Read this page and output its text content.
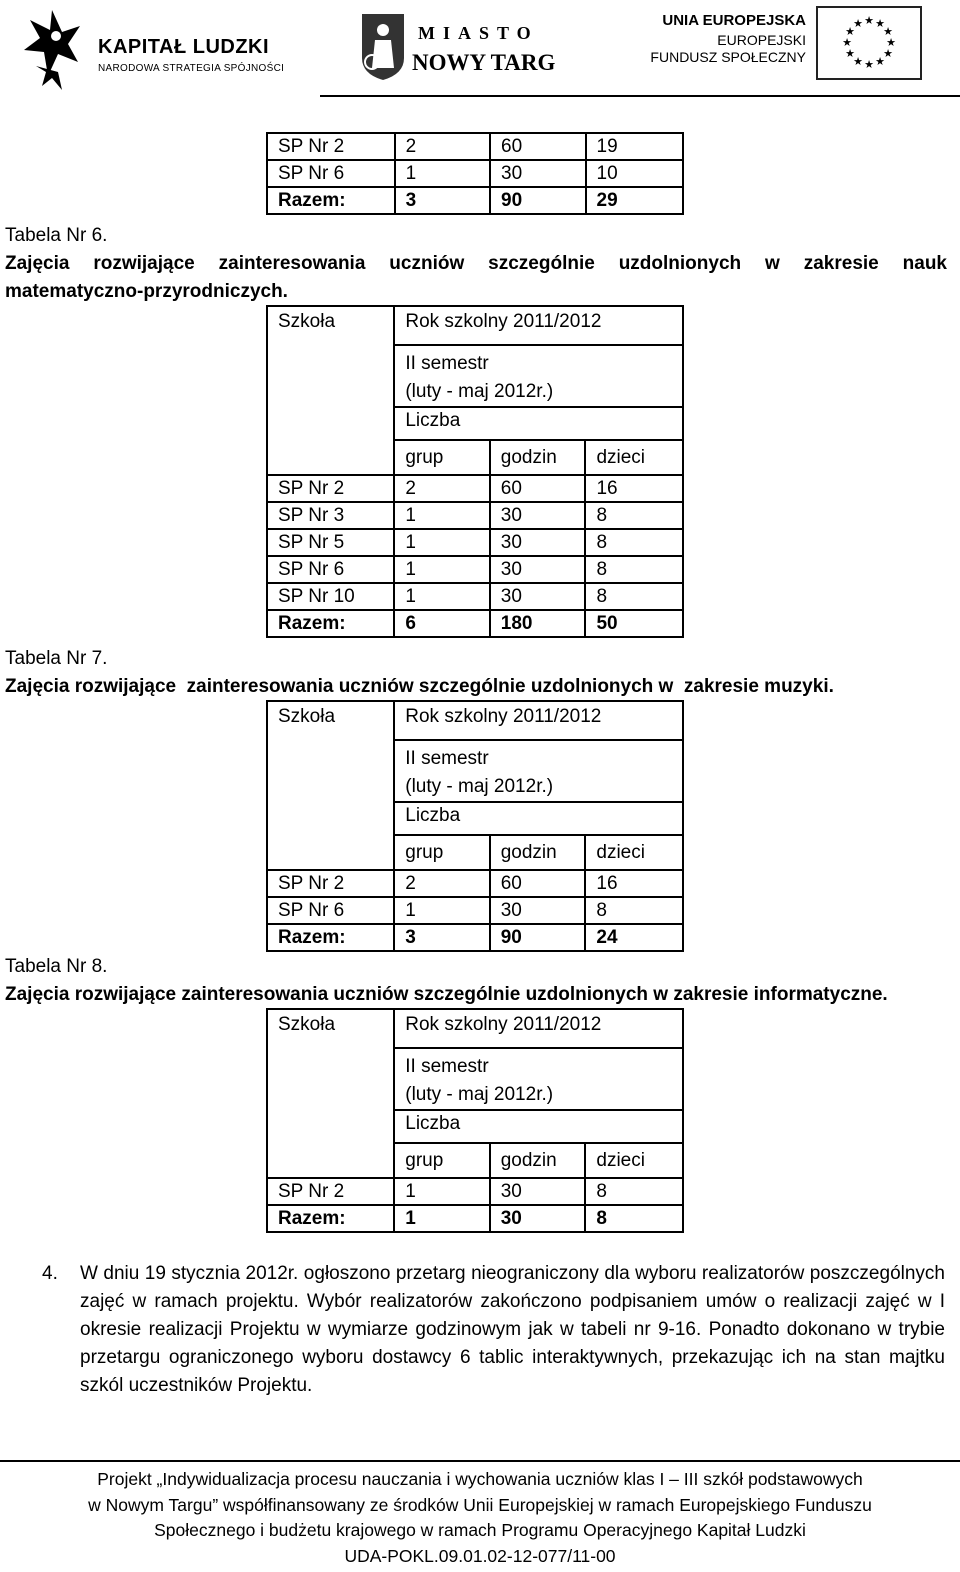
KAPITAŁ LUDZKI
NARODOWA STRATEGIA SPÓJNOŚCI
MIASTO
NOWY TARG
UNIA EUROPEJSKA
EUROPEJSKI
FUNDUSZ SPOŁECZNY
★ ★
★
★
★
★
★
★
★
★
★
★
SP Nr 2	2	60	19
SP Nr 6	1	30	10
Razem:	3	90	29
Tabela Nr 6.
Zajęcia rozwijające zainteresowania uczniów szczególnie uzdolnionych w zakresie nauk
matematyczno-przyrodniczych.
Szkoła	Rok szkolny 2011/2012		

	II semestr
(luty - maj 2012r.)		

	Liczba		
	grup	godzin	dzieci
SP Nr 2	2	60	16
SP Nr 3	1	30	8
SP Nr 5	1	30	8
SP Nr 6	1	30	8
SP Nr 10	1	30	8
Razem:	6	180	50
Tabela Nr 7.
Zajęcia rozwijające  zainteresowania uczniów szczególnie uzdolnionych w  zakresie muzyki.
Szkoła	Rok szkolny 2011/2012		

	II semestr
(luty - maj 2012r.)		

	Liczba		
	grup	godzin	dzieci
SP Nr 2	2	60	16
SP Nr 6	1	30	8
Razem:	3	90	24
Tabela Nr 8.
Zajęcia rozwijające zainteresowania uczniów szczególnie uzdolnionych w zakresie informatyczne.
Szkoła	Rok szkolny 2011/2012		

	II semestr
(luty - maj 2012r.)		

	Liczba		
	grup	godzin	dzieci
SP Nr 2	1	30	8
Razem:	1	30	8
4. W dniu 19 stycznia 2012r. ogłoszono przetarg nieograniczony dla wyboru realizatorów poszczególnych zajęć w ramach projektu. Wybór realizatorów zakończono podpisaniem umów o realizacji zajęć w I okresie realizacji Projektu w wymiarze godzinowym jak w tabeli nr 9-16. Ponadto dokonano w trybie przetargu ograniczonego wyboru dostawcy 6 tablic interaktywnych, przekazując ich na stan majtku szkól uczestników Projektu.
Projekt „Indywidualizacja procesu nauczania i wychowania uczniów klas I – III szkół podstawowych
w Nowym Targu” współfinansowany ze środków Unii Europejskiej w ramach Europejskiego Funduszu
Społecznego i budżetu krajowego w ramach Programu Operacyjnego Kapitał Ludzki
UDA-POKL.09.01.02-12-077/11-00
